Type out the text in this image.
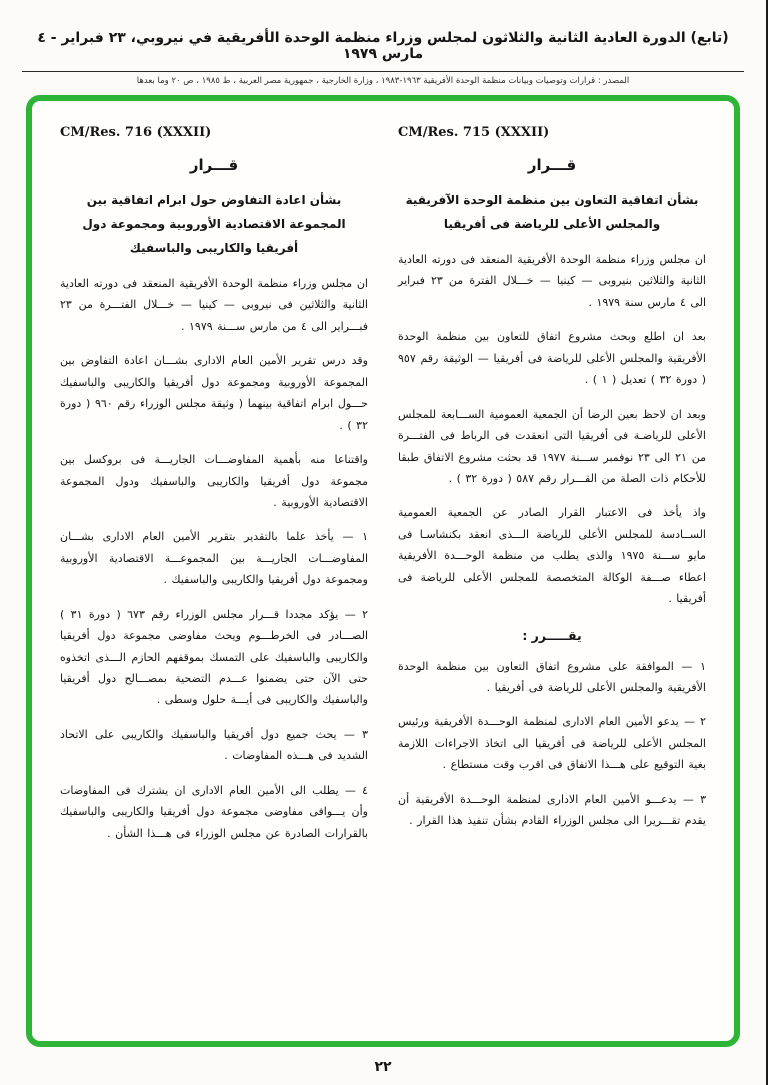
(تابع) الدورة العادية الثانية والثلاثون لمجلس وزراء منظمة الوحدة الأفريقية في نيروبي، ٢٣ فبراير - ٤ مارس ١٩٧٩
المصدر : قرارات وتوصيات وبيانات منظمة الوحدة الأفريقية ١٩٦٣-١٩٨٣ ، وزارة الخارجية ، جمهورية مصر العربية ، ط ١٩٨٥ ، ص ٢٠ وما بعدها
CM/Res. 715 (XXXII)
قـــرار

بشأن اتفاقية التعاون بين منظمة الوحدة الآفريقية

والمجلس الأعلى للرياضة فى أفريقيا

ان مجلس وزراء منظمة الوحدة الأفريقية المنعقد فى دورته العادية الثانية والثلاثين بنيروبى — كينيا — خـــلال الفترة من ٢٣ فبراير الى ٤ مارس سنة ١٩٧٩ .

بعد ان اطلع وبحث مشروع اتفاق للتعاون بين منظمة الوحدة الأفريقية والمجلس الأعلى للرياضة فى أفريقيا — الوثيقة رقم ٩٥٧ ( دورة ٣٢ ) تعديل ( ١ ) .

وبعد ان لاحظ بعين الرضا أن الجمعية العمومية الســـابعة للمجلس الأعلى للرياضـة فى أفريقيا التى انعقدت فى الرباط فى الفتـــرة من ٢١ الى ٢٣ نوفمبر ســـنة ١٩٧٧ قد بحثت مشروع الاتفاق طبقا للأحكام ذات الصلة من القـــرار رقم ٥٨٧ ( دورة ٣٢ ) .

واذ يأخذ فى الاعتبار القرار الصادر عن الجمعية العمومية الســادسة للمجلس الأعلى للرياضة الـــذى انعقد بكنشاسـا فى مايو ســـنة ١٩٧٥ والذى يطلب من منظمة الوحـــدة الأفريقية اعطاء صـــفة الوكالة المتخصصة للمجلس الأعلى للرياضة فى أفريقيا .

يقـــــرر :

١ — الموافقة على مشروع اتفاق التعاون بين منظمة الوحدة الأفريقية والمجلس الأعلى للرياضة فى أفريقيا .

٢ — يدعو الأمين العام الادارى لمنظمة الوحـــدة الأفريقية ورئيس المجلس الأعلى للرياضة فى أفريقيا الى اتخاذ الاجراءات اللازمة بغية التوقيع على هـــذا الاتفاق فى اقرب وقت مستطاع .

٣ — يدعـــو الأمين العام الادارى لمنظمة الوحـــدة الأفريقية أن يقدم تقـــريرا الى مجلس الوزراء القادم بشأن تنفيذ هذا القرار .

CM/Res. 716 (XXXII)
قـــرار

بشأن اعادة التفاوض حول ابرام اتفاقية بين

المجموعة الاقتصادية الأوروبية ومجموعة دول

أفريقيا والكاريبى والباسفيك

ان مجلس وزراء منظمة الوحدة الأفريقية المنعقد فى دورته العادية الثانية والثلاثين فى نيروبى — كينيا — خـــلال الفتـــرة من ٢٣ فبـــراير الى ٤ من مارس ســـنة ١٩٧٩ .

وقد درس تقرير الأمين العام الادارى بشـــان اعادة التفاوض بين المجموعة الأوروبية ومجموعة دول أفريقيا والكاريبى والباسفيك حـــول ابرام اتفاقية بينهما ( وثيقة مجلس الوزراء رقم ٩٦٠ ( دورة ٣٢ ) .

واقتناعا منه بأهمية المفاوضـــات الجاريـــة فى بروكسل بين مجموعة دول أفريقيا والكاريبى والباسفيك ودول المجموعة الاقتصادية الأوروبية .

١ — يأخذ علما بالتقدير بتقرير الأمين العام الادارى بشـــان المفاوضـــات الجاريـــة بين المجموعـــة الاقتصادية الأوروبية ومجموعة دول أفريقيا والكاريبى والباسفيك .

٢ — يؤكد مجددا قـــرار مجلس الوزراء رقم ٦٧٣ ( دورة ٣١ ) الصـــادر فى الخرطـــوم ويحث مفاوضى مجموعة دول أفريقيا والكاريبى والباسفيك على التمسك بموقفهم الحازم الـــذى اتخذوه حتى الآن حتى يضمنوا عـــدم التضحية بمصـــالح دول أفريقيا والباسفيك والكاريبى فى أيـــة حلول وسطى .

٣ — يحث جميع دول أفريقيا والباسفيك والكاريبى على الاتحاد الشديد فى هـــذه المفاوضات .

٤ — يطلب الى الأمين العام الادارى ان يشترك فى المفاوضات وأن يـــوافى مفاوضى مجموعة دول أفريقيا والكاريبى والباسفيك بالقرارات الصادرة عن مجلس الوزراء فى هـــذا الشأن .

٢٢
